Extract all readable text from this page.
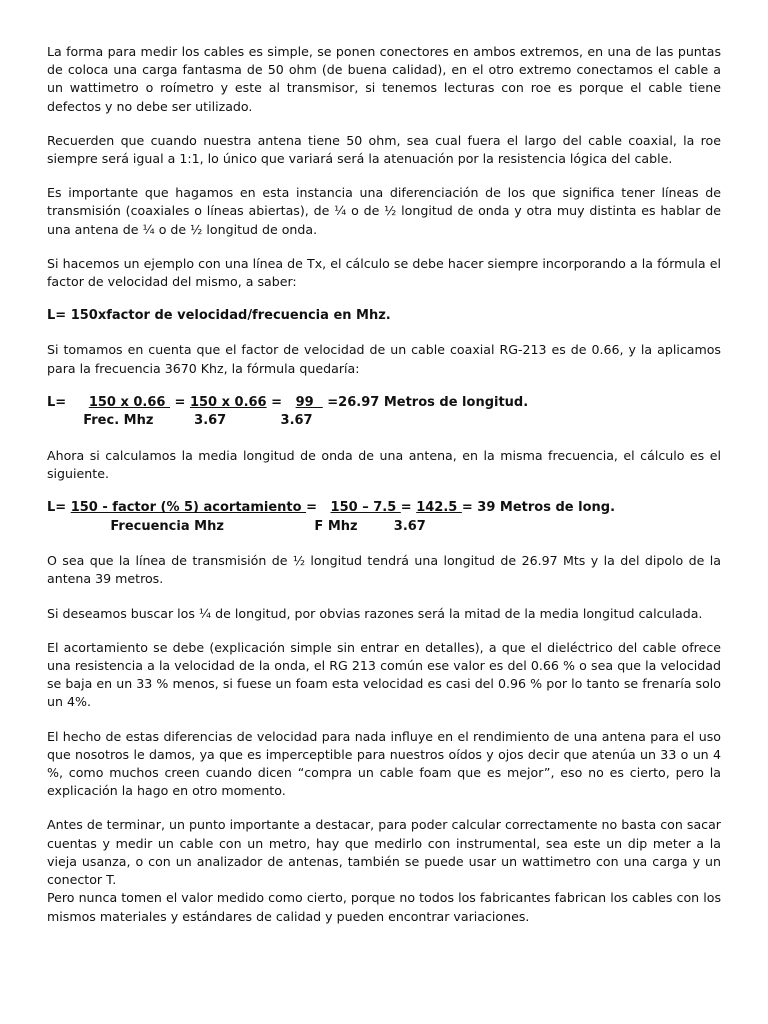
La forma para medir los cables es simple, se ponen conectores en ambos extremos, en una de las puntas de coloca una carga fantasma de 50 ohm (de buena calidad), en el otro extremo conectamos el cable a un wattimetro o roímetro y este al transmisor, si tenemos lecturas con roe es porque el cable tiene defectos y no debe ser utilizado.

Recuerden que cuando nuestra antena tiene 50 ohm, sea cual fuera el largo del cable coaxial, la roe siempre será igual a 1:1, lo único que variará será la atenuación por la resistencia lógica del cable.

Es importante que hagamos en esta instancia una diferenciación de los que significa tener líneas de transmisión (coaxiales o líneas abiertas), de ¼ o de ½ longitud de onda y otra muy distinta es hablar de una antena de ¼ o de ½ longitud de onda.

Si hacemos un ejemplo con una línea de Tx, el cálculo se debe hacer siempre incorporando a la fórmula el factor de velocidad del mismo, a saber:

L= 150xfactor de velocidad/frecuencia en Mhz.

Si tomamos en cuenta que el factor de velocidad de un cable coaxial RG-213 es de 0.66, y la aplicamos para la frecuencia 3670 Khz, la fórmula quedaría:

L=     150 x 0.66  = 150 x 0.66 =   99   =26.97 Metros de longitud.
Frec. Mhz         3.67            3.67

Ahora si calculamos la media longitud de onda de una antena, en la misma frecuencia, el cálculo es el siguiente.

L= 150 - factor (% 5) acortamiento =   150 – 7.5 = 142.5 = 39 Metros de long.
Frecuencia Mhz                    F Mhz        3.67

O sea que la línea de transmisión de ½ longitud tendrá una longitud de 26.97 Mts y la del dipolo de la antena 39 metros.

Si deseamos buscar los ¼ de longitud, por obvias razones será la mitad de la media longitud calculada.

El acortamiento se debe (explicación simple sin entrar en detalles), a que el dieléctrico del cable ofrece una resistencia a la velocidad de la onda, el RG 213 común ese valor es del 0.66 % o sea que la velocidad se baja en un 33 % menos, si fuese un foam esta velocidad es casi del 0.96 % por lo tanto se frenaría solo un 4%.

El hecho de estas diferencias de velocidad para nada influye en el rendimiento de una antena para el uso que nosotros le damos, ya que es imperceptible para nuestros oídos y ojos decir que atenúa un 33 o un 4 %, como muchos creen cuando dicen “compra un cable foam que es mejor”, eso no es cierto, pero la explicación la hago en otro momento.

Antes de terminar, un punto importante a destacar, para poder calcular correctamente no basta con sacar cuentas y medir un cable con un metro, hay que medirlo con instrumental, sea este un dip meter a la vieja usanza, o con un analizador de antenas, también se puede usar un wattimetro con una carga y un conector T.

Pero nunca tomen el valor medido como cierto, porque no todos los fabricantes fabrican los cables con los mismos materiales y estándares de calidad y pueden encontrar variaciones.
